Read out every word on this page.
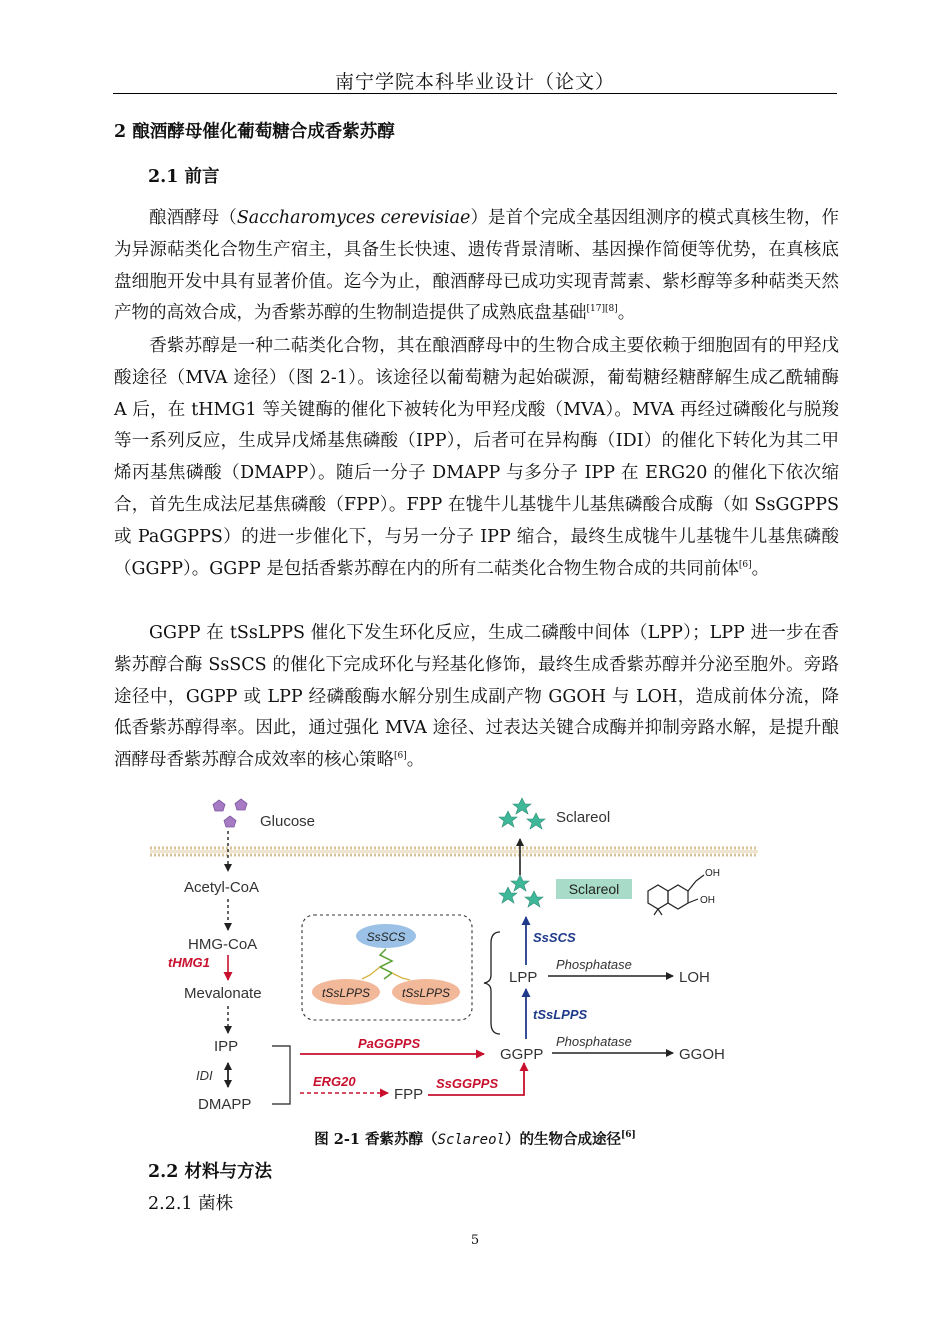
南宁学院本科毕业设计（论文）
2 酿酒酵母催化葡萄糖合成香紫苏醇
2.1 前言

酿酒酵母（Saccharomyces cerevisiae）是首个完成全基因组测序的模式真核生物，作为异源萜类化合物生产宿主，具备生长快速、遗传背景清晰、基因操作简便等优势，在真核底盘细胞开发中具有显著价值。迄今为止，酿酒酵母已成功实现青蒿素、紫杉醇等多种萜类天然产物的高效合成，为香紫苏醇的生物制造提供了成熟底盘基础[17][8]。

香紫苏醇是一种二萜类化合物，其在酿酒酵母中的生物合成主要依赖于细胞固有的甲羟戊酸途径（MVA 途径）（图 2-1）。该途径以葡萄糖为起始碳源，葡萄糖经糖酵解生成乙酰辅酶 A 后，在 tHMG1 等关键酶的催化下被转化为甲羟戊酸（MVA）。MVA 再经过磷酸化与脱羧等一系列反应，生成异戊烯基焦磷酸（IPP），后者可在异构酶（IDI）的催化下转化为其二甲烯丙基焦磷酸（DMAPP）。随后一分子 DMAPP 与多分子 IPP 在 ERG20 的催化下依次缩合，首先生成法尼基焦磷酸（FPP）。FPP 在牻牛儿基牻牛儿基焦磷酸合成酶（如 SsGGPPS 或 PaGGPPS）的进一步催化下，与另一分子 IPP 缩合，最终生成牻牛儿基牻牛儿基焦磷酸（GGPP）。GGPP 是包括香紫苏醇在内的所有二萜类化合物生物合成的共同前体[6]。

GGPP 在 tSsLPPS 催化下发生环化反应，生成二磷酸中间体（LPP）；LPP 进一步在香紫苏醇合酶 SsSCS 的催化下完成环化与羟基化修饰，最终生成香紫苏醇并分泌至胞外。旁路途径中，GGPP 或 LPP 经磷酸酶水解分别生成副产物 GGOH 与 LOH，造成前体分流，降低香紫苏醇得率。因此，通过强化 MVA 途径、过表达关键合成酶并抑制旁路水解，是提升酿酒酵母香紫苏醇合成效率的核心策略[6]。

Glucose
Acetyl-CoA
HMG-CoA
tHMG1
Mevalonate
IPP
IDI
DMAPP
PaGGPPS
ERG20
FPP
SsGGPPS
GGPP
Phosphatase
GGOH
tSsLPPS
LPP
Phosphatase
LOH
SsSCS
SsSCS
tSsLPPS	tSsLPPS
Sclareol
OH
OH
Sclareol
图 2-1 香紫苏醇（Sclareol）的生物合成途径[6]
2.2 材料与方法
2.2.1 菌株
5
